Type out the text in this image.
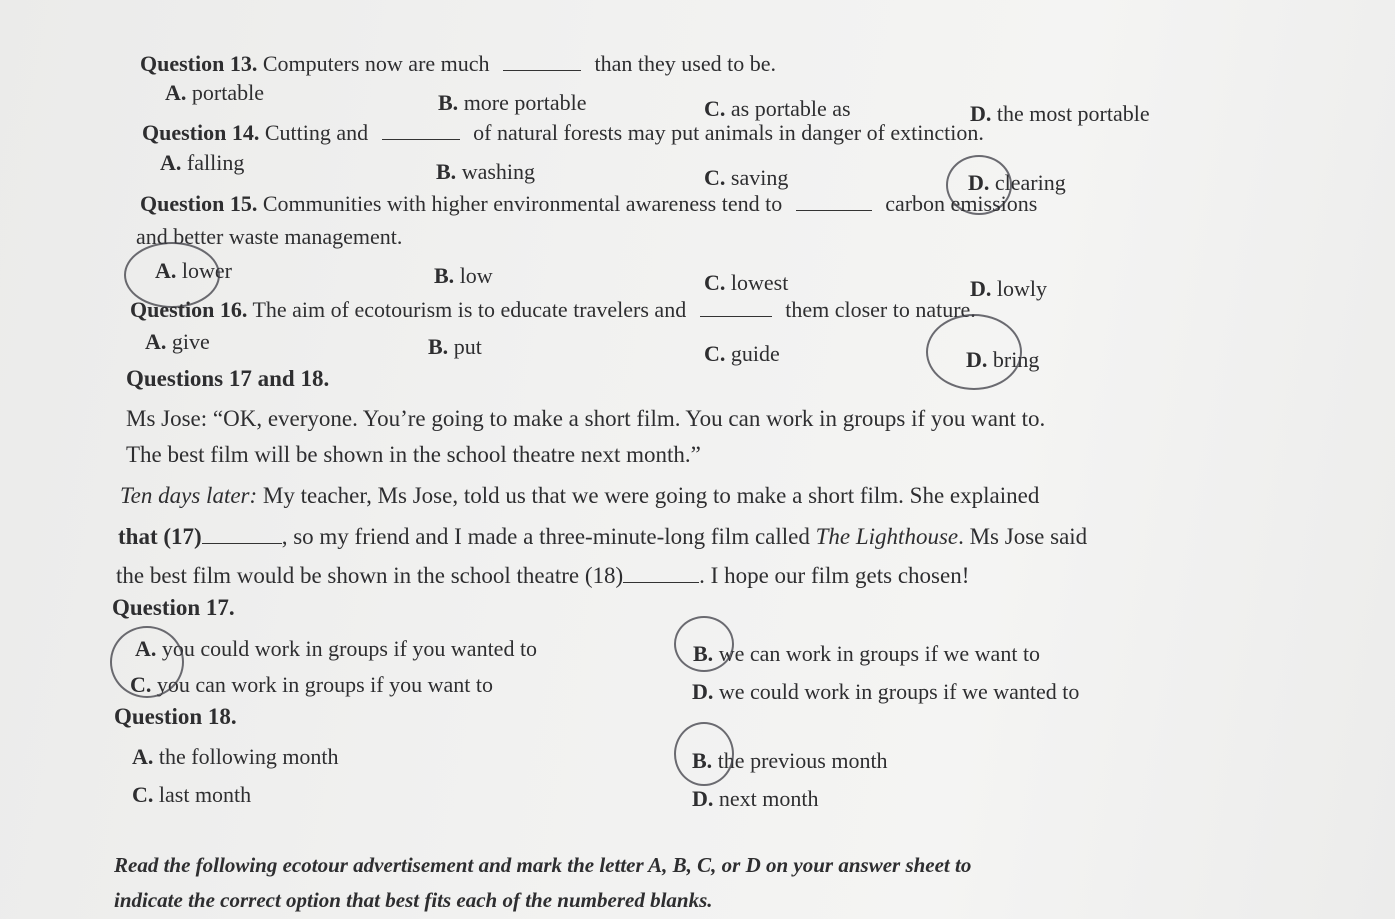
Question 13. Computers now are much	than they used to be.
A. portable	B. more portable	C. as portable as	D. the most portable
Question 14. Cutting and	of natural forests may put animals in danger of extinction.
A. falling	B. washing	C. saving	D. clearing
Question 15. Communities with higher environmental awareness tend to	carbon emissions
and better waste management.
A. lower	B. low	C. lowest	D. lowly
Question 16. The aim of ecotourism is to educate travelers and	them closer to nature.
A. give	B. put	C. guide	D. bring
Questions 17 and 18.
Ms Jose: “OK, everyone. You’re going to make a short film. You can work in groups if you want to.
The best film will be shown in the school theatre next month.”
Ten days later: My teacher, Ms Jose, told us that we were going to make a short film. She explained
that (17)	, so my friend and I made a three-minute-long film called The Lighthouse. Ms Jose said
the best film would be shown in the school theatre (18)	. I hope our film gets chosen!
Question 17.
A. you could work in groups if you wanted to	B. we can work in groups if we want to
C. you can work in groups if you want to	D. we could work in groups if we wanted to
Question 18.
A. the following month	B. the previous month
C. last month	D. next month
Read the following ecotour advertisement and mark the letter A, B, C, or D on your answer sheet to
indicate the correct option that best fits each of the numbered blanks.
